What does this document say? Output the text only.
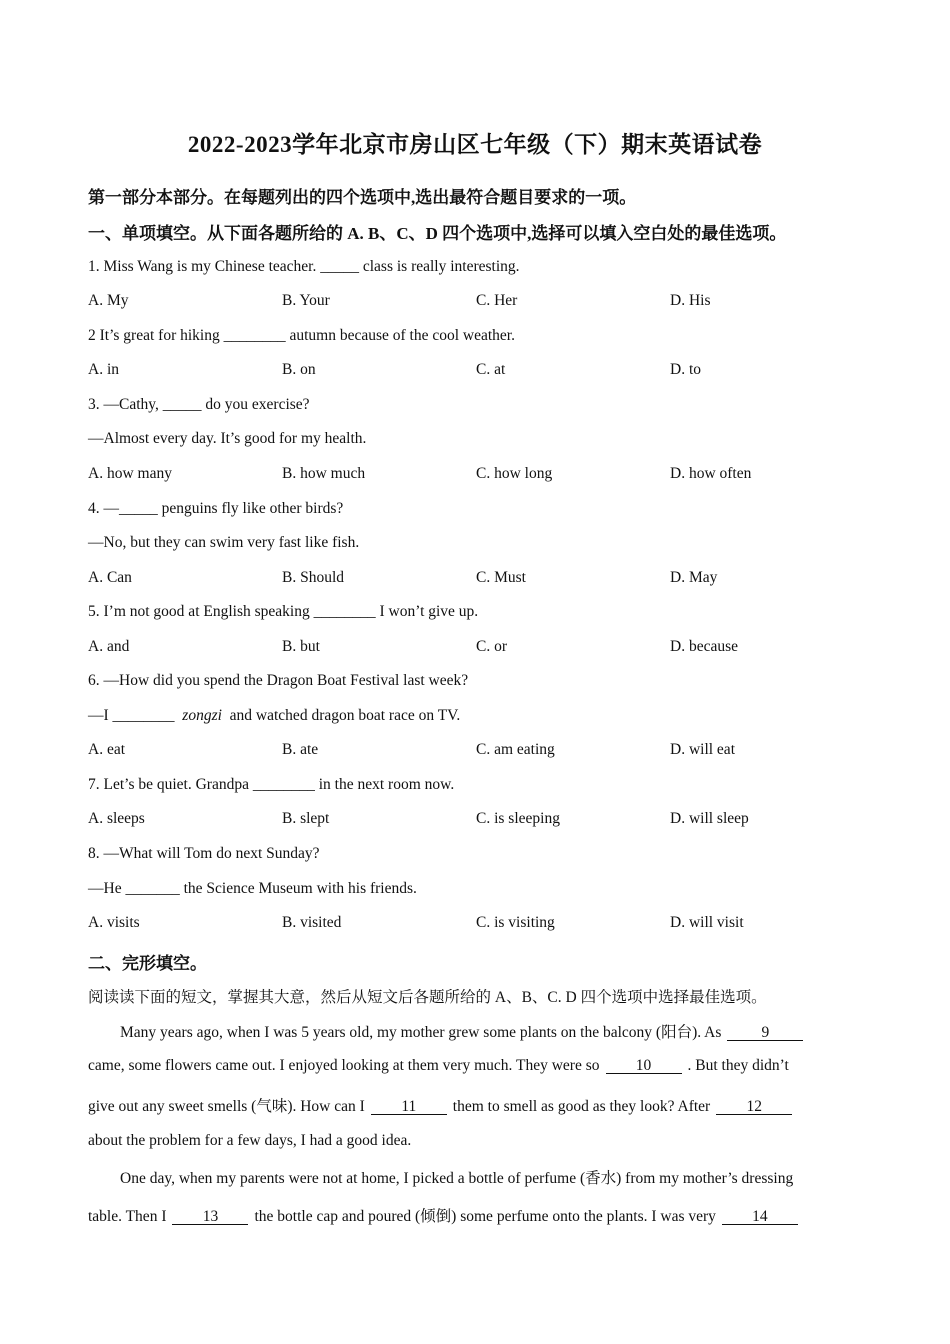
2022-2023学年北京市房山区七年级（下）期末英语试卷
第一部分本部分。在每题列出的四个选项中,选出最符合题目要求的一项。
一、单项填空。从下面各题所给的 A. B、C、D 四个选项中,选择可以填入空白处的最佳选项。
1. Miss Wang is my Chinese teacher. _____ class is really interesting.
A. My	B. Your	C. Her	D. His
2 It’s great for hiking ________ autumn because of the cool weather.
A. in	B. on	C. at	D. to
3. —Cathy, _____ do you exercise?
—Almost every day. It’s good for my health.
A. how many	B. how much	C. how long	D. how often
4. —_____ penguins fly like other birds?
—No, but they can swim very fast like fish.
A. Can	B. Should	C. Must	D. May
5. I’m not good at English speaking ________ I won’t give up.
A. and	B. but	C. or	D. because
6. —How did you spend the Dragon Boat Festival last week?
—I ________  zongzi  and watched dragon boat race on TV.
A. eat	B. ate	C. am eating	D. will eat
7. Let’s be quiet. Grandpa ________ in the next room now.
A. sleeps	B. slept	C. is sleeping	D. will sleep
8. —What will Tom do next Sunday?
—He _______ the Science Museum with his friends.
A. visits	B. visited	C. is visiting	D. will visit
二、完形填空。
阅读读下面的短文，掌握其大意，然后从短文后各题所给的 A、B、C. D 四个选项中选择最佳选项。
Many years ago, when I was 5 years old, my mother grew some plants on the balcony (阳台). As	9
came, some flowers came out. I enjoyed looking at them very much. They were so 10 . But they didn’t
give out any sweet smells (气味). How can I 11 them to smell as good as they look? After 12
about the problem for a few days, I had a good idea.
One day, when my parents were not at home, I picked a bottle of perfume (香水) from my mother’s dressing
table. Then I 13 the bottle cap and poured (倾倒) some perfume onto the plants. I was very 14
